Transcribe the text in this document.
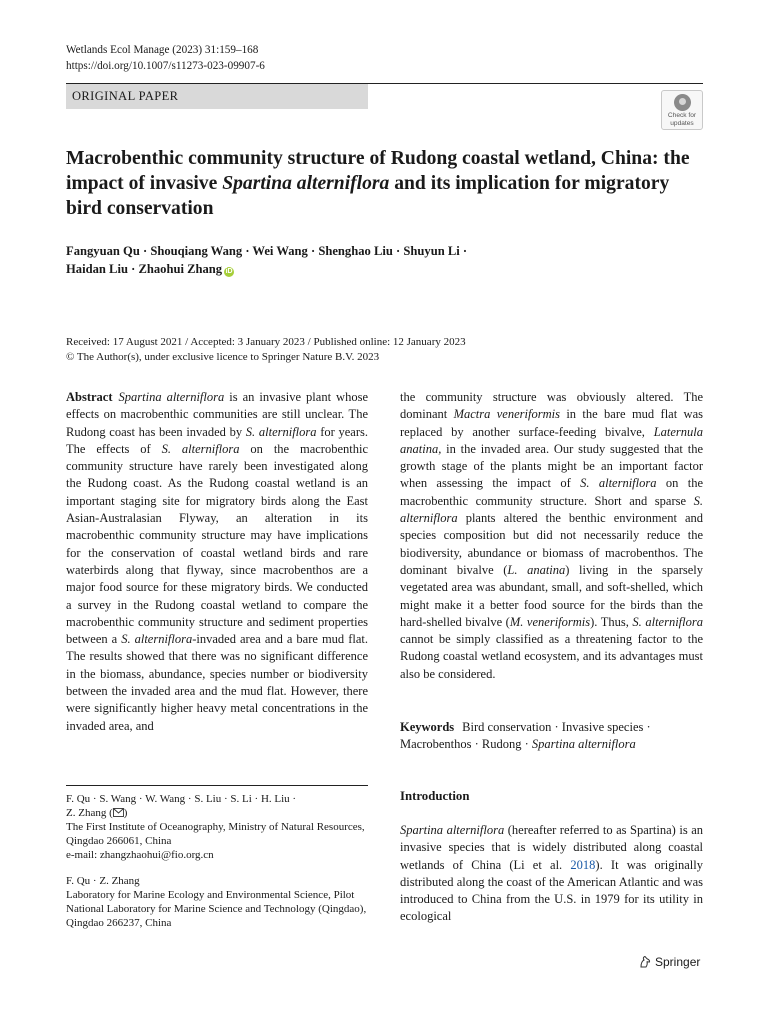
Wetlands Ecol Manage (2023) 31:159–168
https://doi.org/10.1007/s11273-023-09907-6
ORIGINAL PAPER
Check for
updates
Macrobenthic community structure of Rudong coastal wetland, China: the impact of invasive Spartina alterniflora and its implication for migratory bird conservation
Fangyuan Qu · Shouqiang Wang · Wei Wang · Shenghao Liu · Shuyun Li ·
Haidan Liu · Zhaohui Zhang iD
Received: 17 August 2021 / Accepted: 3 January 2023 / Published online: 12 January 2023
© The Author(s), under exclusive licence to Springer Nature B.V. 2023

Abstract Spartina alterniflora is an invasive plant whose effects on macrobenthic communities are still unclear. The Rudong coast has been invaded by S. alterniflora for years. The effects of S. alterniflora on the macrobenthic community structure have rarely been investigated along the Rudong coast. As the Rudong coastal wetland is an important staging site for migratory birds along the East Asian-Australasian Flyway, an alteration in its macrobenthic community structure may have implications for the conservation of coastal wetland birds and rare waterbirds along that flyway, since macrobenthos are a major food source for these migratory birds. We conducted a survey in the Rudong coastal wetland to compare the macrobenthic community structure and sediment properties between a S. alterniflora-invaded area and a bare mud flat. The results showed that there was no significant difference in the biomass, abundance, species number or biodiversity between the invaded area and the mud flat. However, there were significantly higher heavy metal concentrations in the invaded area, and

the community structure was obviously altered. The dominant Mactra veneriformis in the bare mud flat was replaced by another surface-feeding bivalve, Laternula anatina, in the invaded area. Our study suggested that the growth stage of the plants might be an important factor when assessing the impact of S. alterniflora on the macrobenthic community structure. Short and sparse S. alterniflora plants altered the benthic environment and species composition but did not necessarily reduce the biodiversity, abundance or biomass of macrobenthos. The dominant bivalve (L. anatina) living in the sparsely vegetated area was abundant, small, and soft-shelled, which might make it a better food source for the birds than the hard-shelled bivalve (M. veneriformis). Thus, S. alterniflora cannot be simply classified as a threatening factor to the Rudong coastal wetland ecosystem, and its advantages must also be considered.

Keywords Bird conservation · Invasive species · Macrobenthos · Rudong · Spartina alterniflora

F. Qu · S. Wang · W. Wang · S. Liu · S. Li · H. Liu ·

Z. Zhang ( )

The First Institute of Oceanography, Ministry of Natural Resources, Qingdao 266061, China

e-mail: zhangzhaohui@fio.org.cn

F. Qu · Z. Zhang

Laboratory for Marine Ecology and Environmental Science, Pilot National Laboratory for Marine Science and Technology (Qingdao), Qingdao 266237, China

Introduction
Spartina alterniflora (hereafter referred to as Spartina) is an invasive species that is widely distributed along coastal wetlands of China (Li et al. 2018). It was originally distributed along the coast of the American Atlantic and was introduced to China from the U.S. in 1979 for its utility in ecological
Springer
